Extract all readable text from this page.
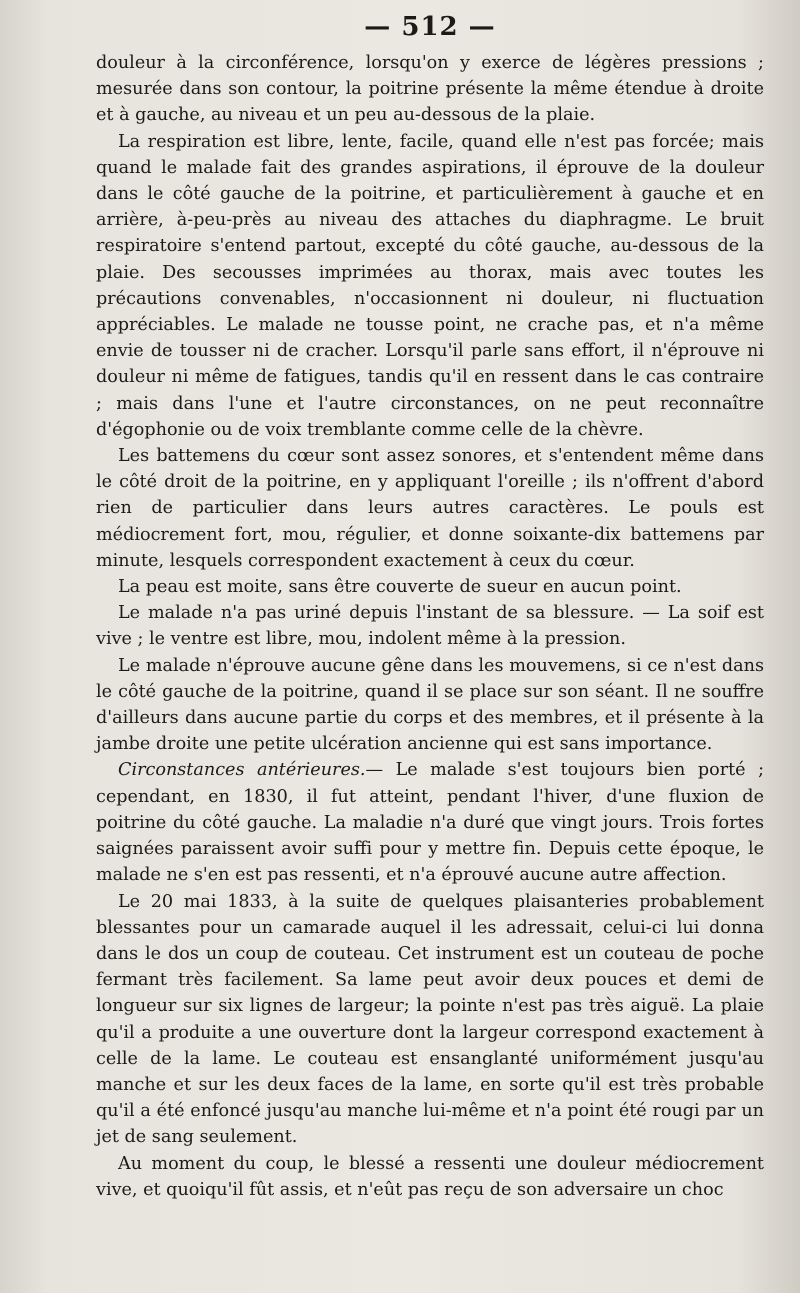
— 512 —

douleur à la circonférence, lorsqu'on y exerce de légères pressions ; mesurée dans son contour, la poitrine présente la même étendue à droite et à gauche, au niveau et un peu au-dessous de la plaie.

La respiration est libre, lente, facile, quand elle n'est pas forcée; mais quand le malade fait des grandes aspirations, il éprouve de la douleur dans le côté gauche de la poitrine, et particulièrement à gauche et en arrière, à-peu-près au niveau des attaches du diaphragme. Le bruit respiratoire s'entend partout, excepté du côté gauche, au-dessous de la plaie. Des secousses imprimées au thorax, mais avec toutes les précautions convenables, n'occasionnent ni douleur, ni fluctuation appréciables. Le malade ne tousse point, ne crache pas, et n'a même envie de tousser ni de cracher. Lorsqu'il parle sans effort, il n'éprouve ni douleur ni même de fatigues, tandis qu'il en ressent dans le cas contraire ; mais dans l'une et l'autre circonstances, on ne peut reconnaître d'égophonie ou de voix tremblante comme celle de la chèvre.

Les battemens du cœur sont assez sonores, et s'entendent même dans le côté droit de la poitrine, en y appliquant l'oreille ; ils n'offrent d'abord rien de particulier dans leurs autres caractères. Le pouls est médiocrement fort, mou, régulier, et donne soixante-dix battemens par minute, lesquels correspondent exactement à ceux du cœur.

La peau est moite, sans être couverte de sueur en aucun point.

Le malade n'a pas uriné depuis l'instant de sa blessure. — La soif est vive ; le ventre est libre, mou, indolent même à la pression.

Le malade n'éprouve aucune gêne dans les mouvemens, si ce n'est dans le côté gauche de la poitrine, quand il se place sur son séant. Il ne souffre d'ailleurs dans aucune partie du corps et des membres, et il présente à la jambe droite une petite ulcération ancienne qui est sans importance.

Circonstances antérieures.— Le malade s'est toujours bien porté ; cependant, en 1830, il fut atteint, pendant l'hiver, d'une fluxion de poitrine du côté gauche. La maladie n'a duré que vingt jours. Trois fortes saignées paraissent avoir suffi pour y mettre fin. Depuis cette époque, le malade ne s'en est pas ressenti, et n'a éprouvé aucune autre affection.

Le 20 mai 1833, à la suite de quelques plaisanteries probablement blessantes pour un camarade auquel il les adressait, celui-ci lui donna dans le dos un coup de couteau. Cet instrument est un couteau de poche fermant très facilement. Sa lame peut avoir deux pouces et demi de longueur sur six lignes de largeur; la pointe n'est pas très aiguë. La plaie qu'il a produite a une ouverture dont la largeur correspond exactement à celle de la lame. Le couteau est ensanglanté uniformément jusqu'au manche et sur les deux faces de la lame, en sorte qu'il est très probable qu'il a été enfoncé jusqu'au manche lui-même et n'a point été rougi par un jet de sang seulement.

Au moment du coup, le blessé a ressenti une douleur médiocrement vive, et quoiqu'il fût assis, et n'eût pas reçu de son adversaire un choc
